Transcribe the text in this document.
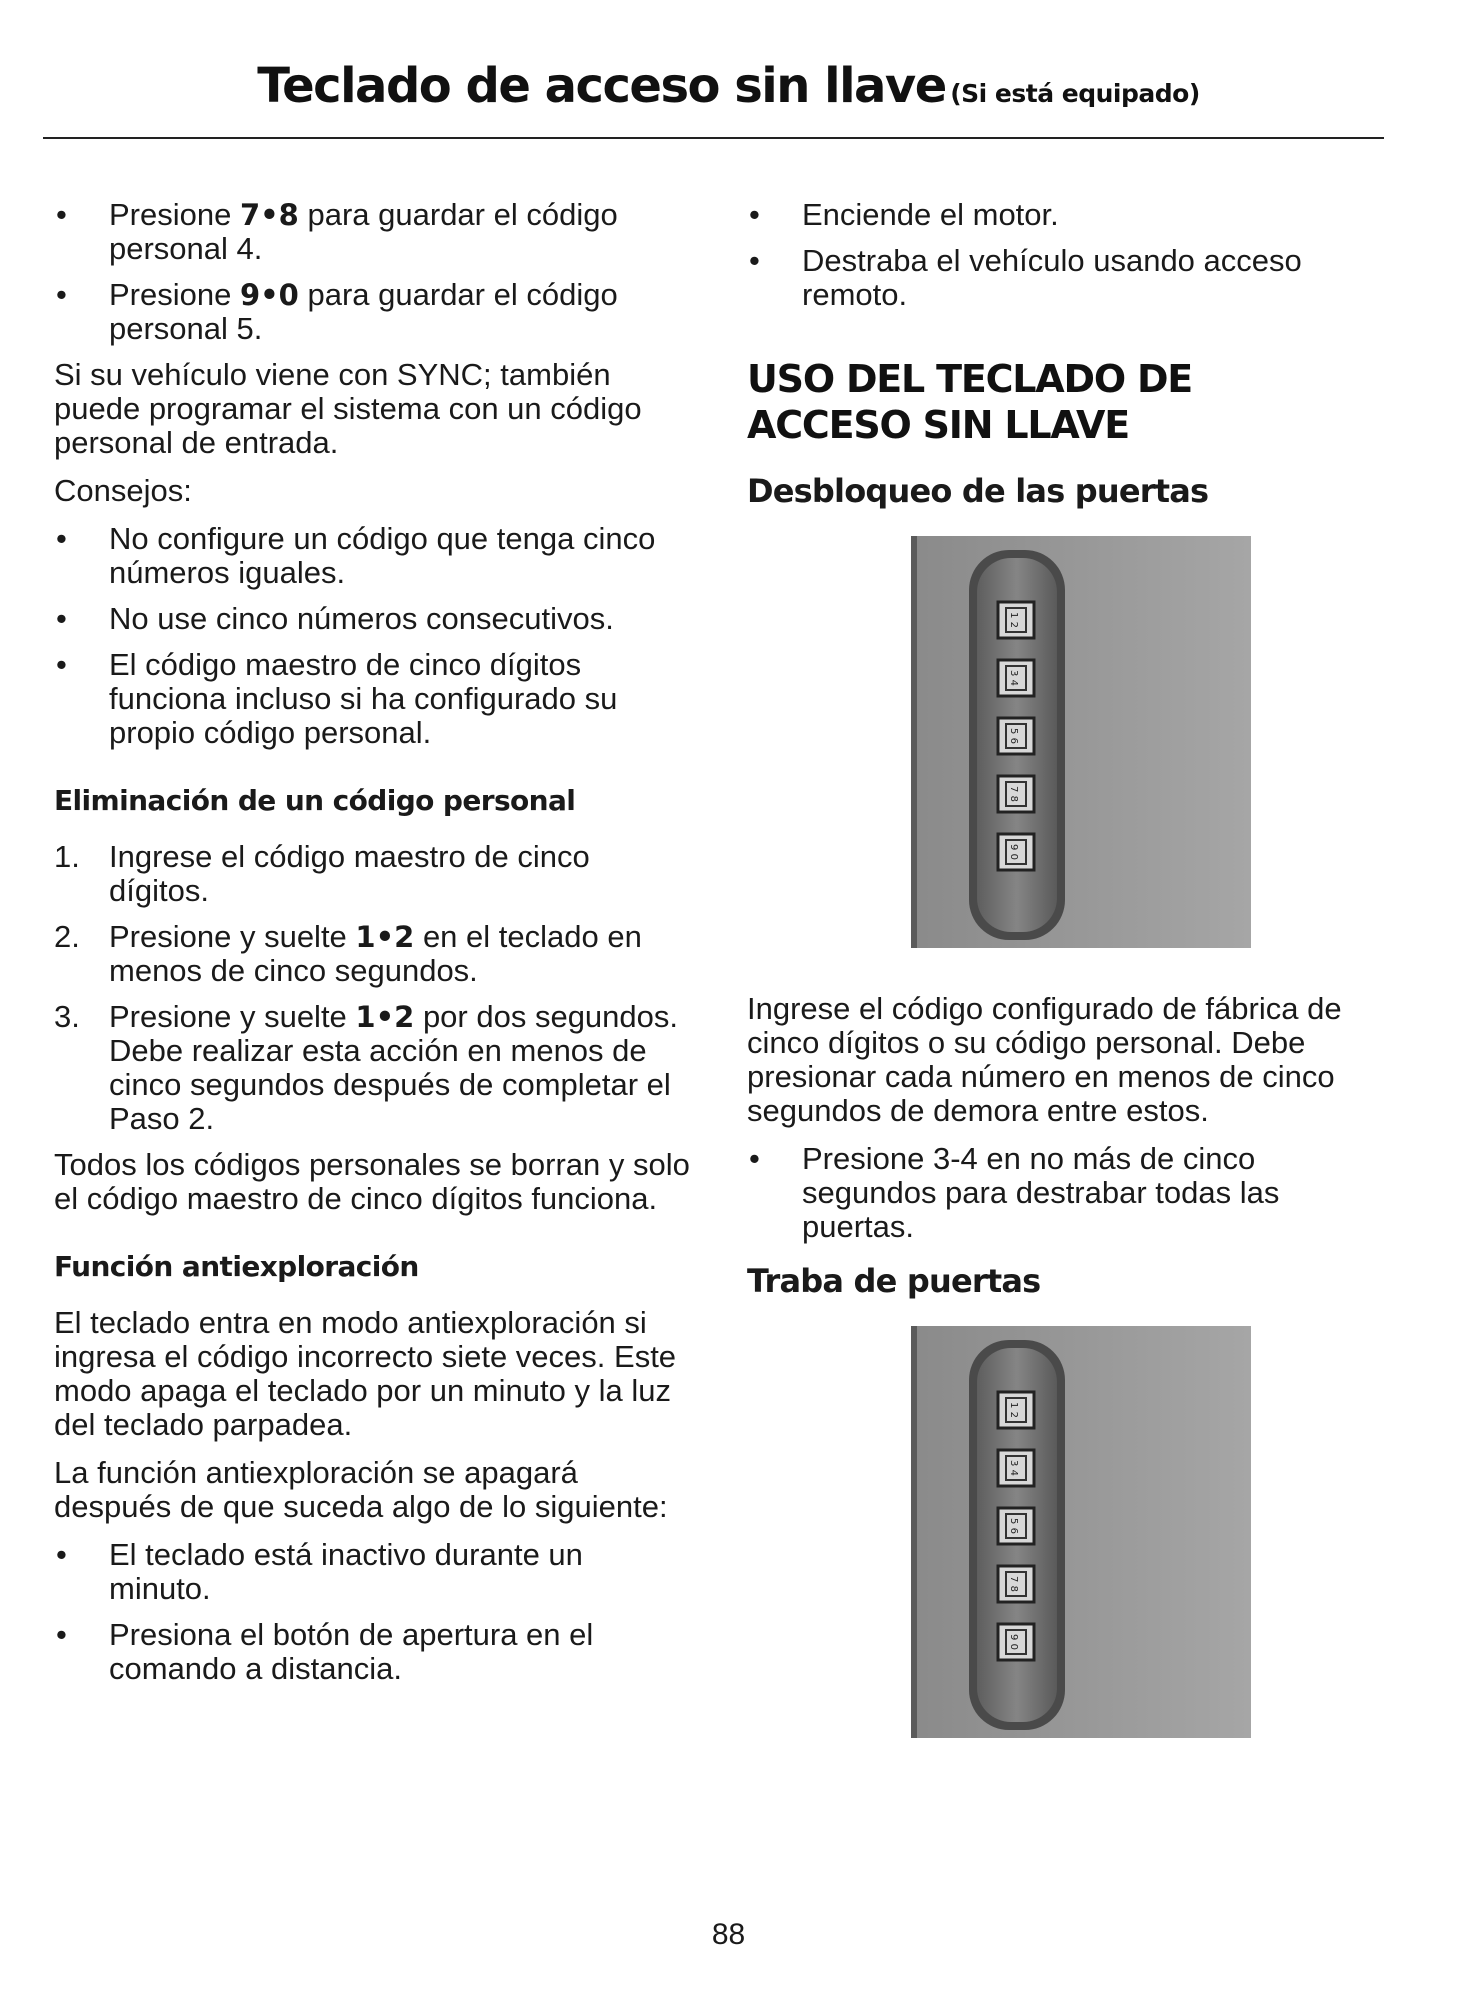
Teclado de acceso sin llave (Si está equipado)
•	Presione 7•8 para guardar el código personal 4.
•	Presione 9•0 para guardar el código personal 5.

Si su vehículo viene con SYNC; también puede programar el sistema con un código personal de entrada.

Consejos:

•	No configure un código que tenga cinco números iguales.
•	No use cinco números consecutivos.
•	El código maestro de cinco dígitos funciona incluso si ha configurado su propio código personal.
Eliminación de un código personal
1. Ingrese el código maestro de cinco dígitos.
2. Presione y suelte 1•2 en el teclado en menos de cinco segundos.
3. Presione y suelte 1•2 por dos segundos. Debe realizar esta acción en menos de cinco segundos después de completar el Paso 2.

Todos los códigos personales se borran y solo el código maestro de cinco dígitos funciona.

Función antiexploración

El teclado entra en modo antiexploración si ingresa el código incorrecto siete veces. Este modo apaga el teclado por un minuto y la luz del teclado parpadea.

La función antiexploración se apagará después de que suceda algo de lo siguiente:

•	El teclado está inactivo durante un minuto.
•	Presiona el botón de apertura en el comando a distancia.
•	Enciende el motor.
•	Destraba el vehículo usando acceso remoto.
USO DEL TECLADO DE
ACCESO SIN LLAVE
Desbloqueo de las puertas
1 2
3 4
5 6
7 8
9 0

Ingrese el código configurado de fábrica de cinco dígitos o su código personal. Debe presionar cada número en menos de cinco segundos de demora entre estos.

•	Presione 3-4 en no más de cinco segundos para destrabar todas las puertas.
Traba de puertas
1 2
3 4
5 6
7 8
9 0
88
